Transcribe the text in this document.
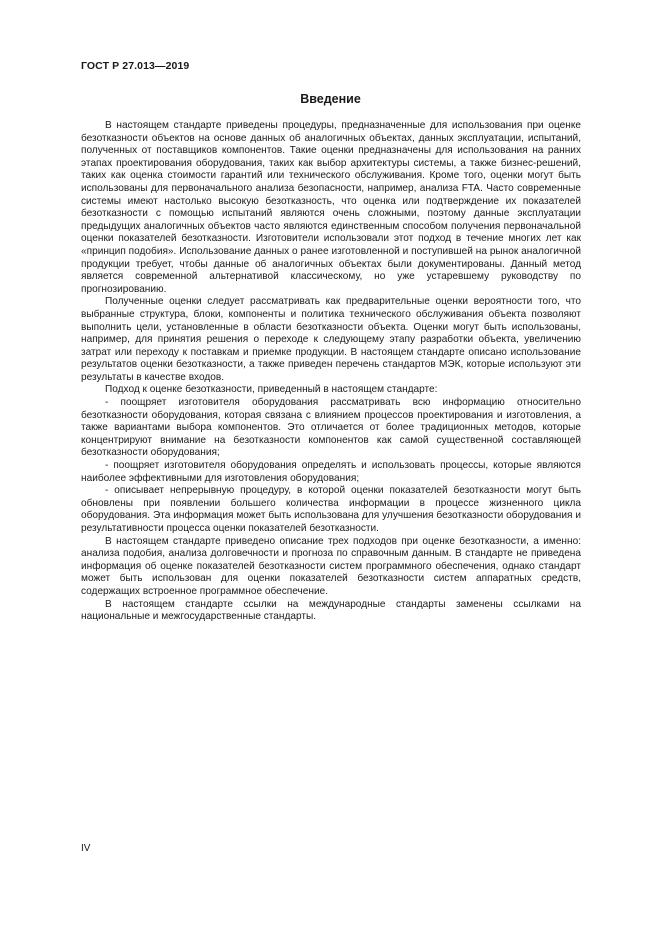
ГОСТ Р 27.013—2019
Введение

В настоящем стандарте приведены процедуры, предназначенные для использования при оценке безотказности объектов на основе данных об аналогичных объектах, данных эксплуатации, испытаний, полученных от поставщиков компонентов. Такие оценки предназначены для использования на ранних этапах проектирования оборудования, таких как выбор архитектуры системы, а также бизнес-решений, таких как оценка стоимости гарантий или технического обслуживания. Кроме того, оценки могут быть использованы для первоначального анализа безопасности, например, анализа FTA. Часто современные системы имеют настолько высокую безотказность, что оценка или подтверждение их показателей безотказности с помощью испытаний являются очень сложными, поэтому данные эксплуатации предыдущих аналогичных объектов часто являются единственным способом получения первоначальной оценки показателей безотказности. Изготовители использовали этот подход в течение многих лет как «принцип подобия». Использование данных о ранее изготовленной и поступившей на рынок аналогичной продукции требует, чтобы данные об аналогичных объектах были документированы. Данный метод является современной альтернативой классическому, но уже устаревшему руководству по прогнозированию.

Полученные оценки следует рассматривать как предварительные оценки вероятности того, что выбранные структура, блоки, компоненты и политика технического обслуживания объекта позволяют выполнить цели, установленные в области безотказности объекта. Оценки могут быть использованы, например, для принятия решения о переходе к следующему этапу разработки объекта, увеличению затрат или переходу к поставкам и приемке продукции. В настоящем стандарте описано использование результатов оценки безотказности, а также приведен перечень стандартов МЭК, которые используют эти результаты в качестве входов.

Подход к оценке безотказности, приведенный в настоящем стандарте:

- поощряет изготовителя оборудования рассматривать всю информацию относительно безотказности оборудования, которая связана с влиянием процессов проектирования и изготовления, а также вариантами выбора компонентов. Это отличается от более традиционных методов, которые концентрируют внимание на безотказности компонентов как самой существенной составляющей безотказности оборудования;

- поощряет изготовителя оборудования определять и использовать процессы, которые являются наиболее эффективными для изготовления оборудования;

- описывает непрерывную процедуру, в которой оценки показателей безотказности могут быть обновлены при появлении большего количества информации в процессе жизненного цикла оборудования. Эта информация может быть использована для улучшения безотказности оборудования и результативности процесса оценки показателей безотказности.

В настоящем стандарте приведено описание трех подходов при оценке безотказности, а именно: анализа подобия, анализа долговечности и прогноза по справочным данным. В стандарте не приведена информация об оценке показателей безотказности систем программного обеспечения, однако стандарт может быть использован для оценки показателей безотказности систем аппаратных средств, содержащих встроенное программное обеспечение.

В настоящем стандарте ссылки на международные стандарты заменены ссылками на национальные и межгосударственные стандарты.

IV
